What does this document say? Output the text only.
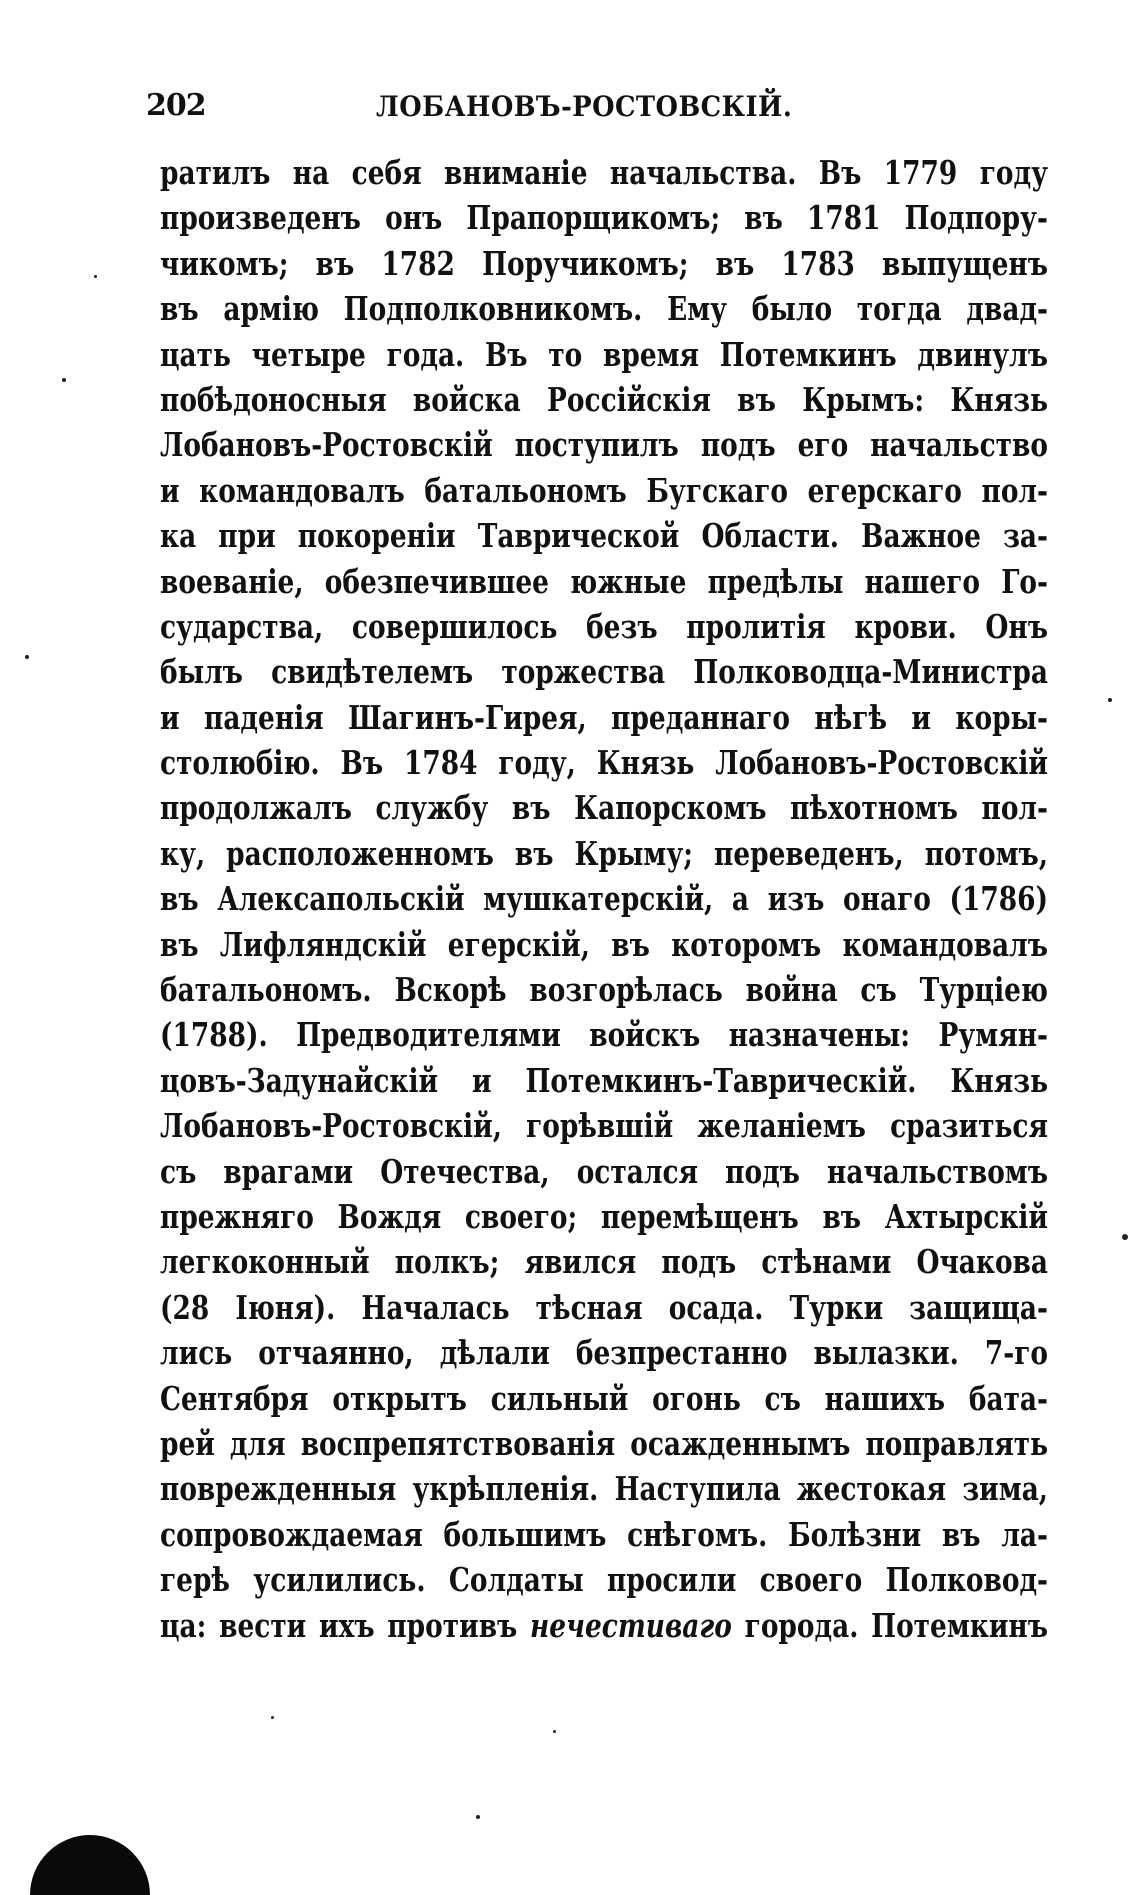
202	ЛОБАНОВЪ-РОСТОВСКІЙ.
ратилъ на себя вниманіе начальства. Въ 1779 году
произведенъ онъ Прапорщикомъ; въ 1781 Подпору-
чикомъ; въ 1782 Поручикомъ; въ 1783 выпущенъ
въ армію Подполковникомъ. Ему было тогда двад-
цать четыре года. Въ то время Потемкинъ двинулъ
побѣдоносныя войска Россійскія въ Крымъ: Князь
Лобановъ-Ростовскій поступилъ подъ его начальство
и командовалъ батальономъ Бугскаго егерскаго пол-
ка при покореніи Таврической Области. Важное за-
воеваніе, обезпечившее южные предѣлы нашего Го-
сударства, совершилось безъ пролитія крови. Онъ
былъ свидѣтелемъ торжества Полководца-Министра
и паденія Шагинъ-Гирея, преданнаго нѣгѣ и коры-
столюбію. Въ 1784 году, Князь Лобановъ-Ростовскій
продолжалъ службу въ Капорскомъ пѣхотномъ пол-
ку, расположенномъ въ Крыму; переведенъ, потомъ,
въ Алексапольскій мушкатерскій, а изъ онаго (1786)
въ Лифляндскій егерскій, въ которомъ командовалъ
батальономъ. Вскорѣ возгорѣлась война съ Турціею
(1788). Предводителями войскъ назначены: Румян-
цовъ-Задунайскій и Потемкинъ-Таврическій. Князь
Лобановъ-Ростовскій, горѣвшій желаніемъ сразиться
съ врагами Отечества, остался подъ начальствомъ
прежняго Вождя своего; перемѣщенъ въ Ахтырскій
легкоконный полкъ; явился подъ стѣнами Очакова
(28 Іюня). Началась тѣсная осада. Турки защища-
лись отчаянно, дѣлали безпрестанно вылазки. 7-го
Сентября открытъ сильный огонь съ нашихъ бата-
рей для воспрепятствованія осажденнымъ поправлять
поврежденныя укрѣпленія. Наступила жестокая зима,
сопровождаемая большимъ снѣгомъ. Болѣзни въ ла-
герѣ усилились. Солдаты просили своего Полковод-
ца: вести ихъ противъ нечестиваго города. Потемкинъ
